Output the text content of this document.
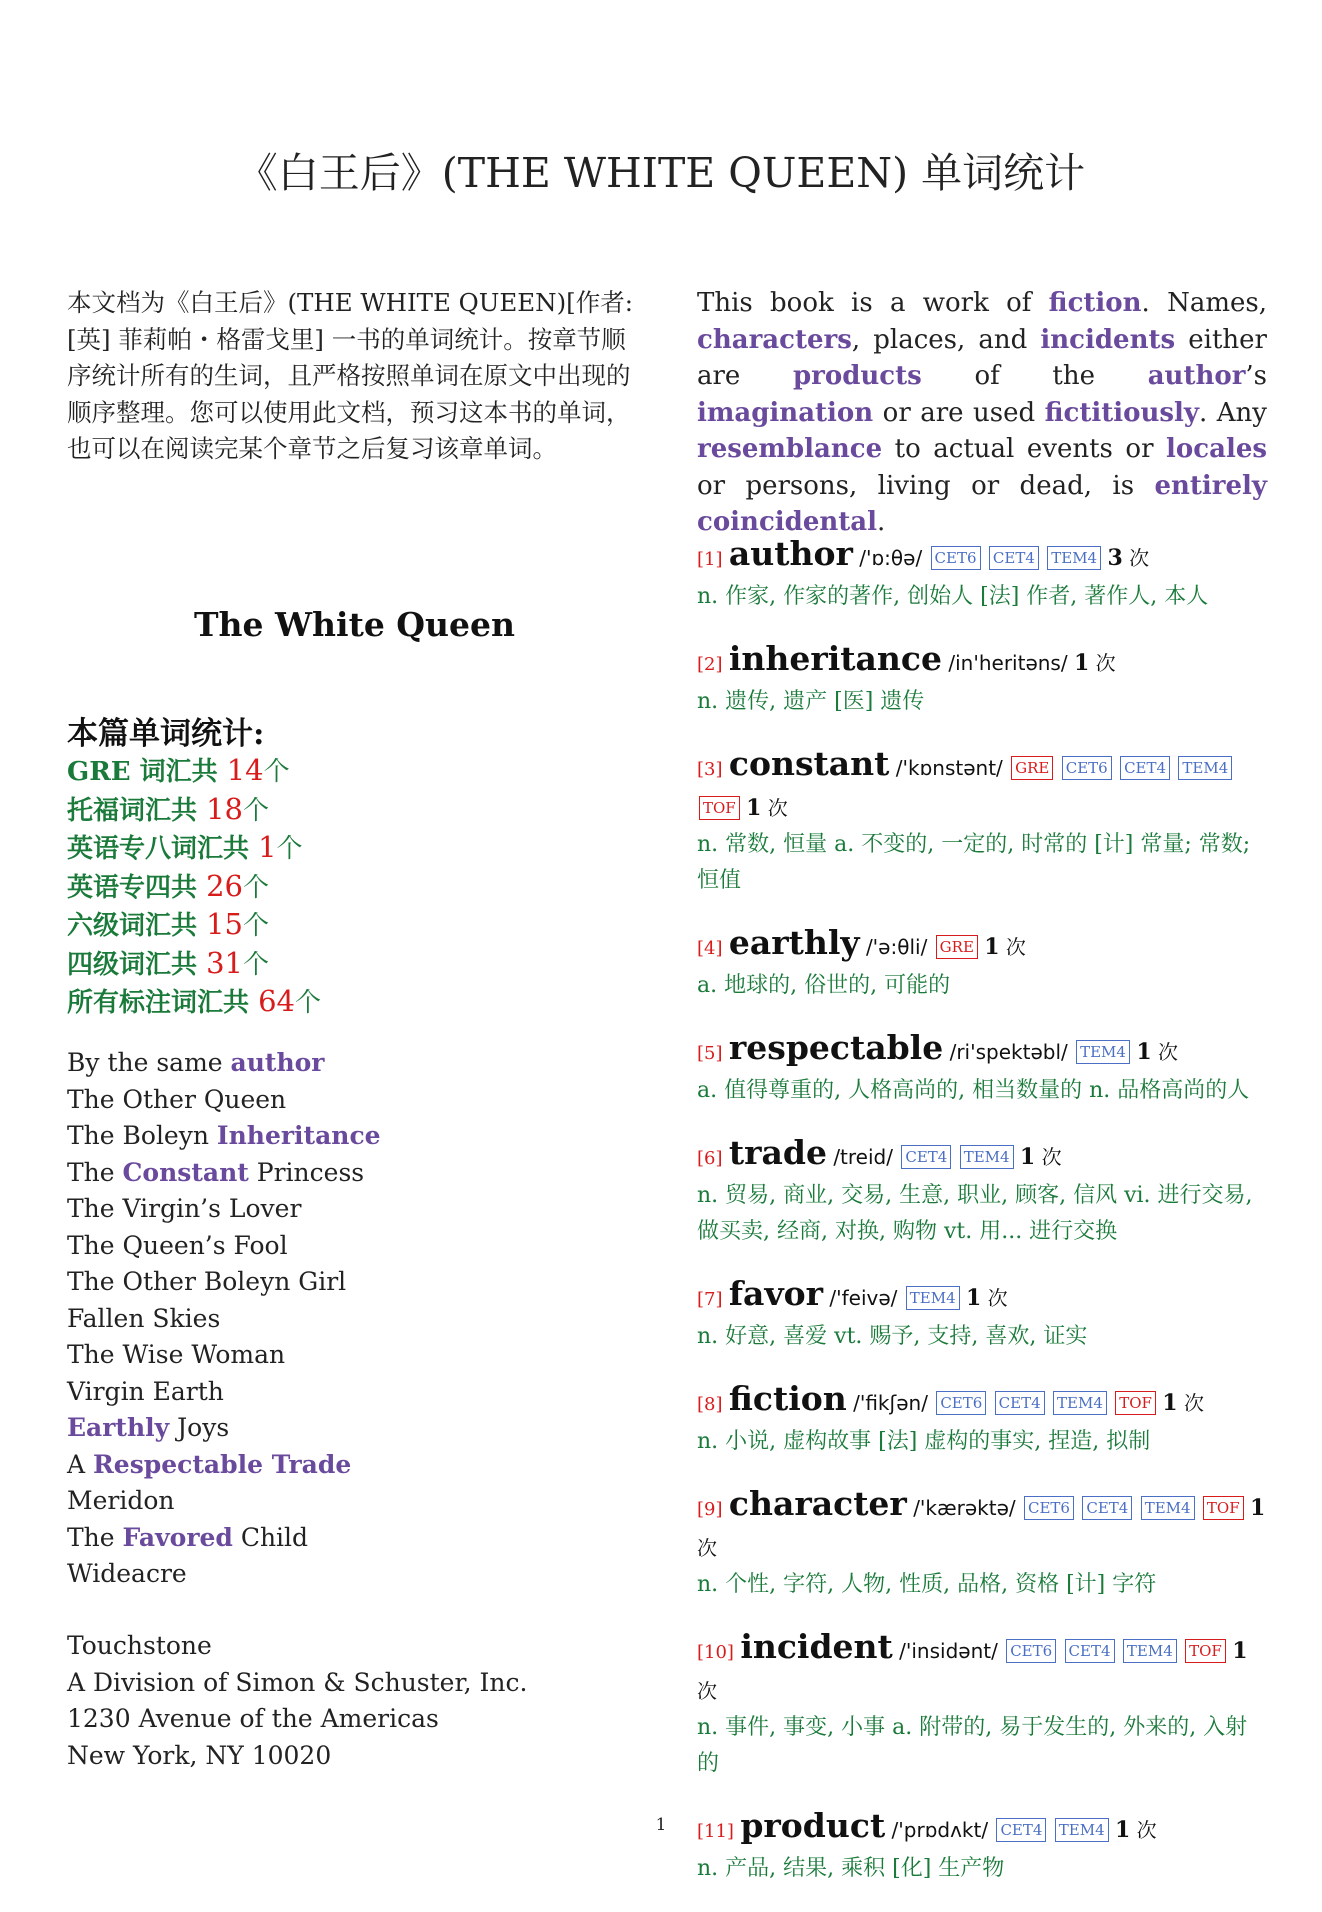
《白王后》(THE WHITE QUEEN) 单词统计

本文档为《白王后》(THE WHITE QUEEN)[作者: [英] 菲莉帕・格雷戈里] 一书的单词统计。按章节顺序统计所有的生词，且严格按照单词在原文中出现的顺序整理。您可以使用此文档，预习这本书的单词，也可以在阅读完某个章节之后复习该章单词。

The White Queen
本篇单词统计:
GRE 词汇共 14个
托福词汇共 18个
英语专八词汇共 1个
英语专四共 26个
六级词汇共 15个
四级词汇共 31个
所有标注词汇共 64个
By the same author
The Other Queen
The Boleyn Inheritance
The Constant Princess
The Virgin’s Lover
The Queen’s Fool
The Other Boleyn Girl
Fallen Skies
The Wise Woman
Virgin Earth
Earthly Joys
A Respectable Trade
Meridon
The Favored Child
Wideacre
Touchstone
A Division of Simon & Schuster, Inc.
1230 Avenue of the Americas
New York, NY 10020

This book is a work of fiction. Names, characters, places, and incidents either are products of the author’s imagination or are used fictitiously. Any resemblance to actual events or locales or persons, living or dead, is entirely coincidental.

[1] author /'ɒ:θə/ CET6 CET4 TEM4 3 次
n. 作家, 作家的著作, 创始人 [法] 作者, 著作人, 本人
[2] inheritance /in'heritəns/ 1 次
n. 遗传, 遗产 [医] 遗传
[3] constant /'kɒnstənt/ GRE CET6 CET4 TEM4 TOF 1 次
n. 常数, 恒量 a. 不变的, 一定的, 时常的 [计] 常量; 常数; 恒值
[4] earthly /'ə:θli/ GRE 1 次
a. 地球的, 俗世的, 可能的
[5] respectable /ri'spektəbl/ TEM4 1 次
a. 值得尊重的, 人格高尚的, 相当数量的 n. 品格高尚的人
[6] trade /treid/ CET4 TEM4 1 次
n. 贸易, 商业, 交易, 生意, 职业, 顾客, 信风 vi. 进行交易, 做买卖, 经商, 对换, 购物 vt. 用... 进行交换
[7] favor /'feivə/ TEM4 1 次
n. 好意, 喜爱 vt. 赐予, 支持, 喜欢, 证实
[8] fiction /'fikʃən/ CET6 CET4 TEM4 TOF 1 次
n. 小说, 虚构故事 [法] 虚构的事实, 捏造, 拟制
[9] character /'kærəktə/ CET6 CET4 TEM4 TOF 1 次
n. 个性, 字符, 人物, 性质, 品格, 资格 [计] 字符
[10] incident /'insidənt/ CET6 CET4 TEM4 TOF 1 次
n. 事件, 事变, 小事 a. 附带的, 易于发生的, 外来的, 入射的
[11] product /'prɒdʌkt/ CET4 TEM4 1 次
n. 产品, 结果, 乘积 [化] 生产物
1
